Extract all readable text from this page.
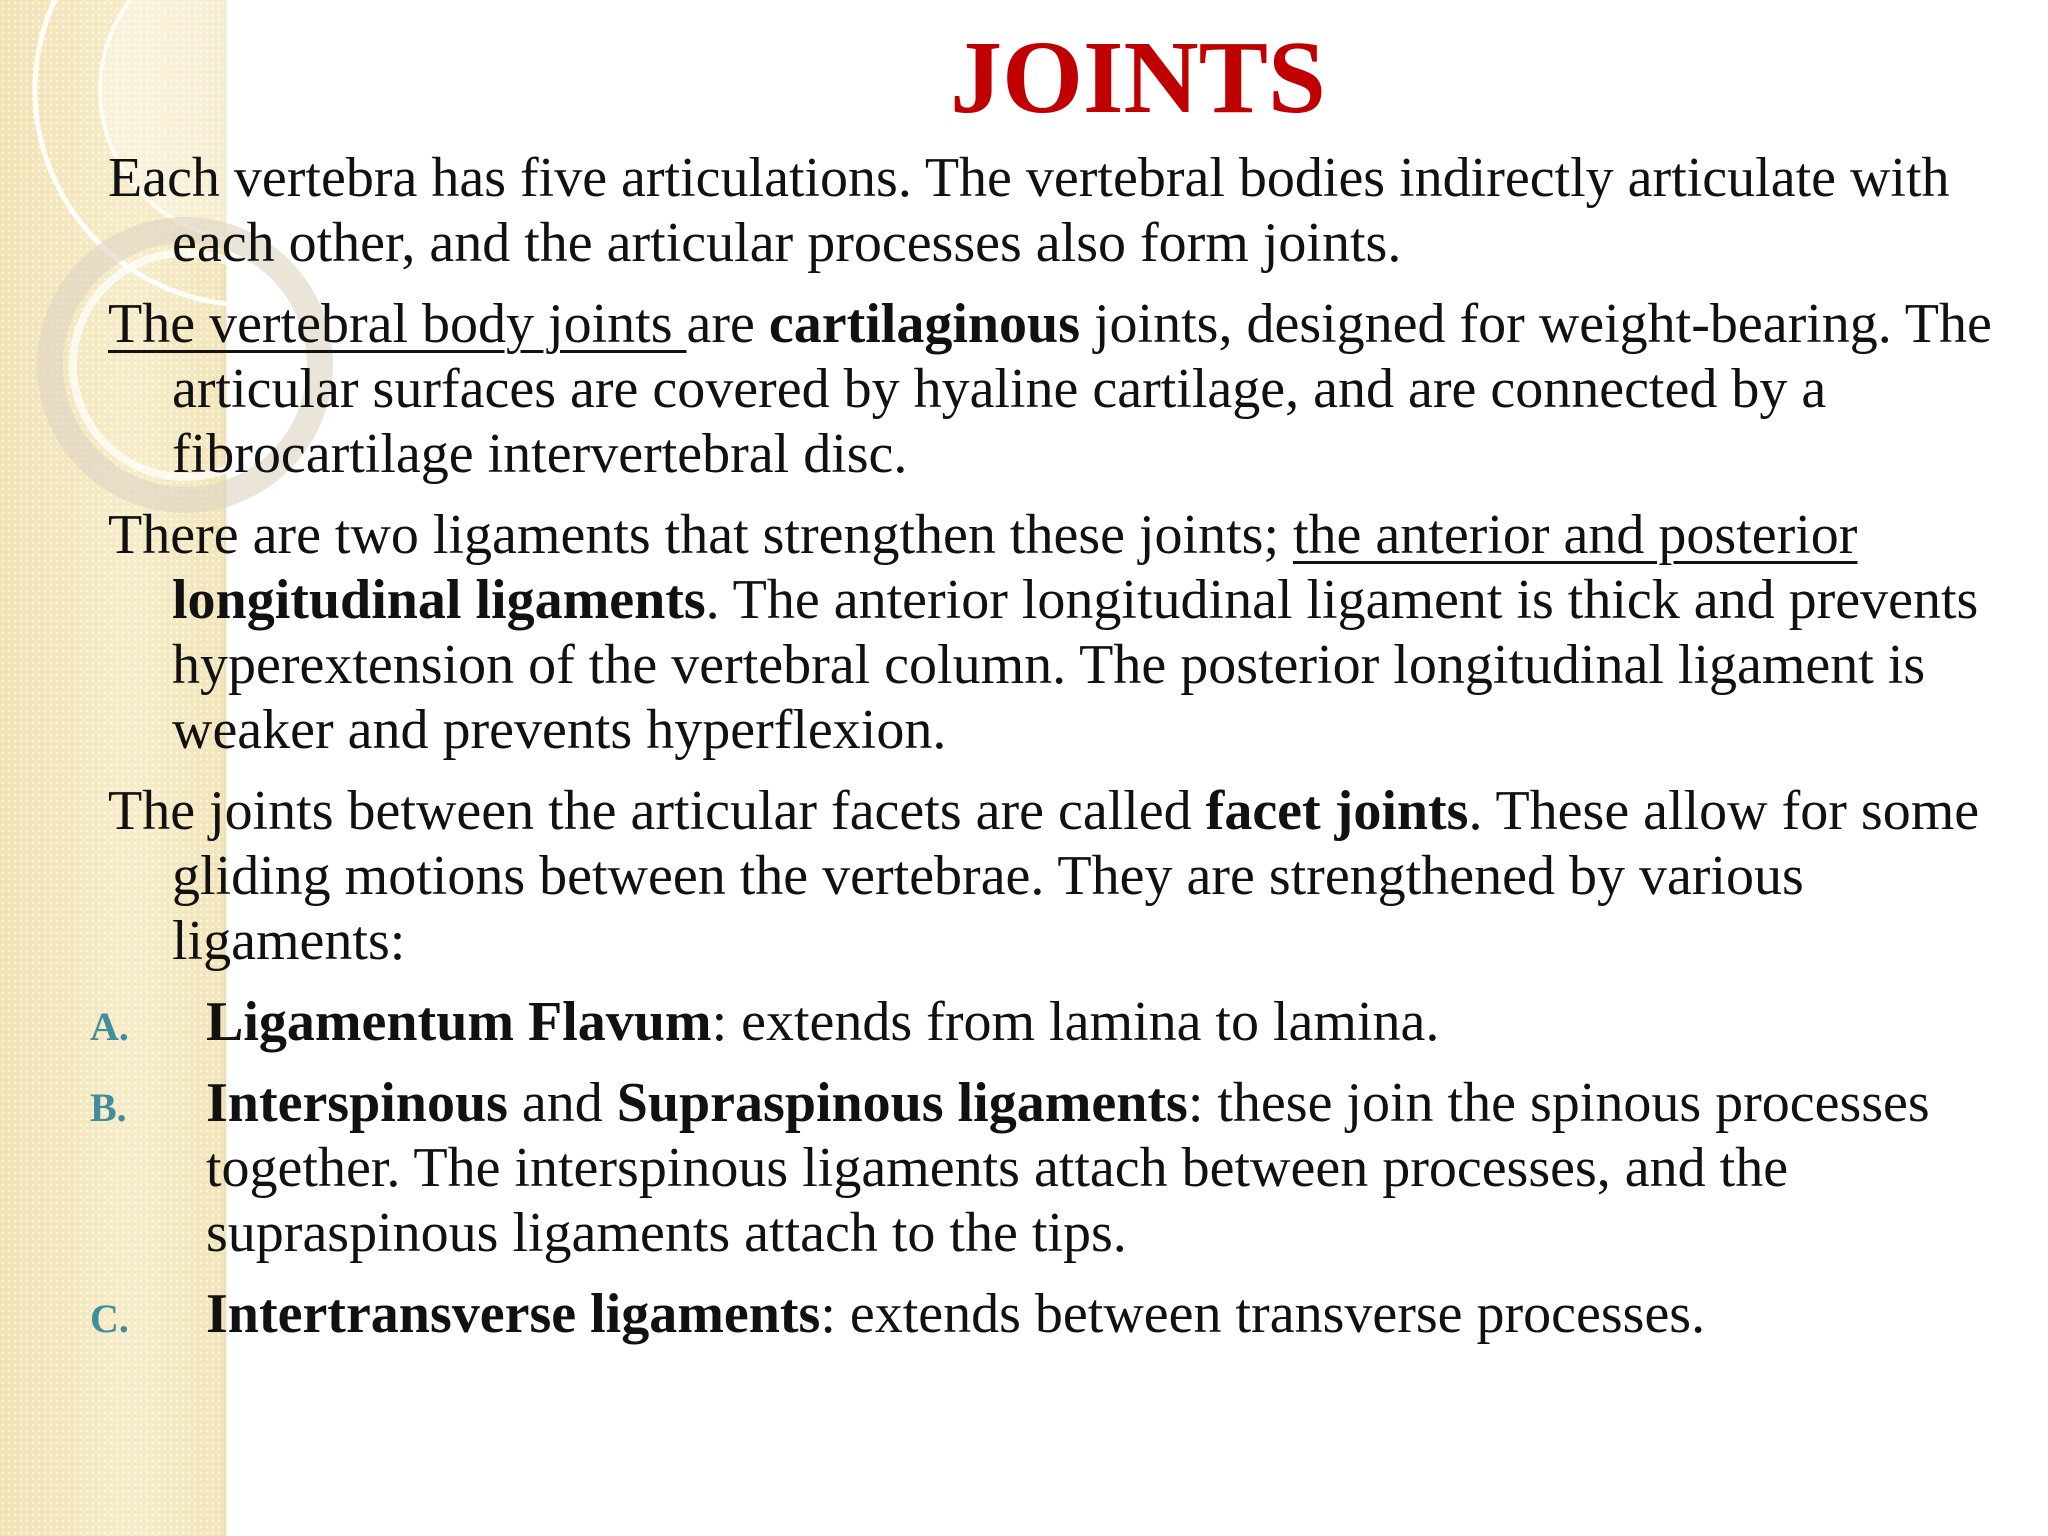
JOINTS

Each vertebra has five articulations. The vertebral bodies indirectly articulate with each other, and the articular processes also form joints.

The vertebral body joints are cartilaginous joints, designed for weight-bearing. The articular surfaces are covered by hyaline cartilage, and are connected by a fibrocartilage intervertebral disc.

There are two ligaments that strengthen these joints; the anterior and posterior longitudinal ligaments. The anterior longitudinal ligament is thick and prevents hyperextension of the vertebral column. The posterior longitudinal ligament is weaker and prevents hyperflexion.

The joints between the articular facets are called facet joints. These allow for some gliding motions between the vertebrae. They are strengthened by various ligaments:

A. Ligamentum Flavum: extends from lamina to lamina.
B. Interspinous and Supraspinous ligaments: these join the spinous processes together. The interspinous ligaments attach between processes, and the supraspinous ligaments attach to the tips.
C. Intertransverse ligaments: extends between transverse processes.
